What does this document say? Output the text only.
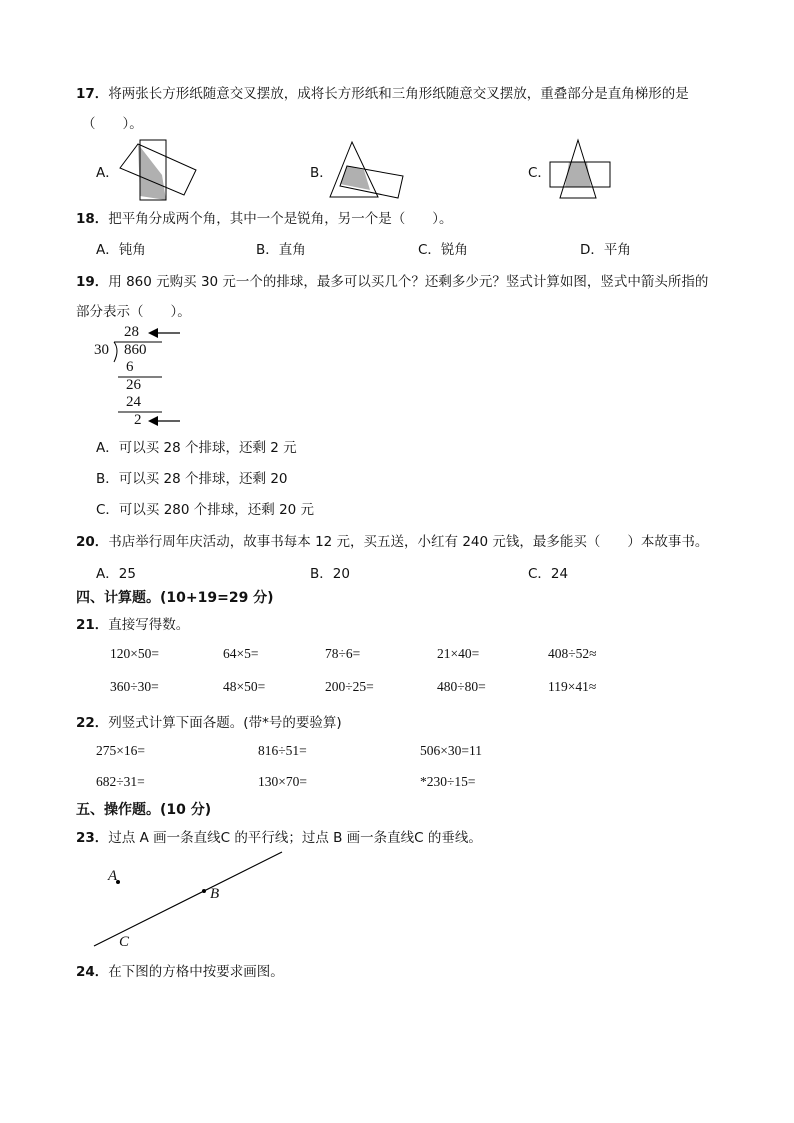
17．将两张长方形纸随意交叉摆放，成将长方形纸和三角形纸随意交叉摆放，重叠部分是直角梯形的是
（　　）。
A．	B．	C．
18．把平角分成两个角，其中一个是锐角，另一个是（　　）。
A．钝角	B．直角	C．锐角	D．平角
19．用 860 元购买 30 元一个的排球，最多可以买几个？还剩多少元？竖式计算如图，竖式中箭头所指的
部分表示（　　）。
28
30 860
6
26
24
2
A．可以买 28 个排球，还剩 2 元
B．可以买 28 个排球，还剩 20
C．可以买 280 个排球，还剩 20 元
20．书店举行周年庆活动，故事书每本 12 元，买五送，小红有 240 元钱，最多能买（　　）本故事书。
A．25	B．20	C．24
四、计算题。(10+19=29 分)
21．直接写得数。
120×50=	64×5=	78÷6=	21×40=	408÷52≈
360÷30=	48×50=	200÷25=	480÷80=	119×41≈
22．列竖式计算下面各题。(带*号的要验算)
275×16=	816÷51=	506×30=11
682÷31=	130×70=	*230÷15=
五、操作题。(10 分)
23．过点 A 画一条直线C 的平行线；过点 B 画一条直线C 的垂线。
A
B
C
24．在下图的方格中按要求画图。
